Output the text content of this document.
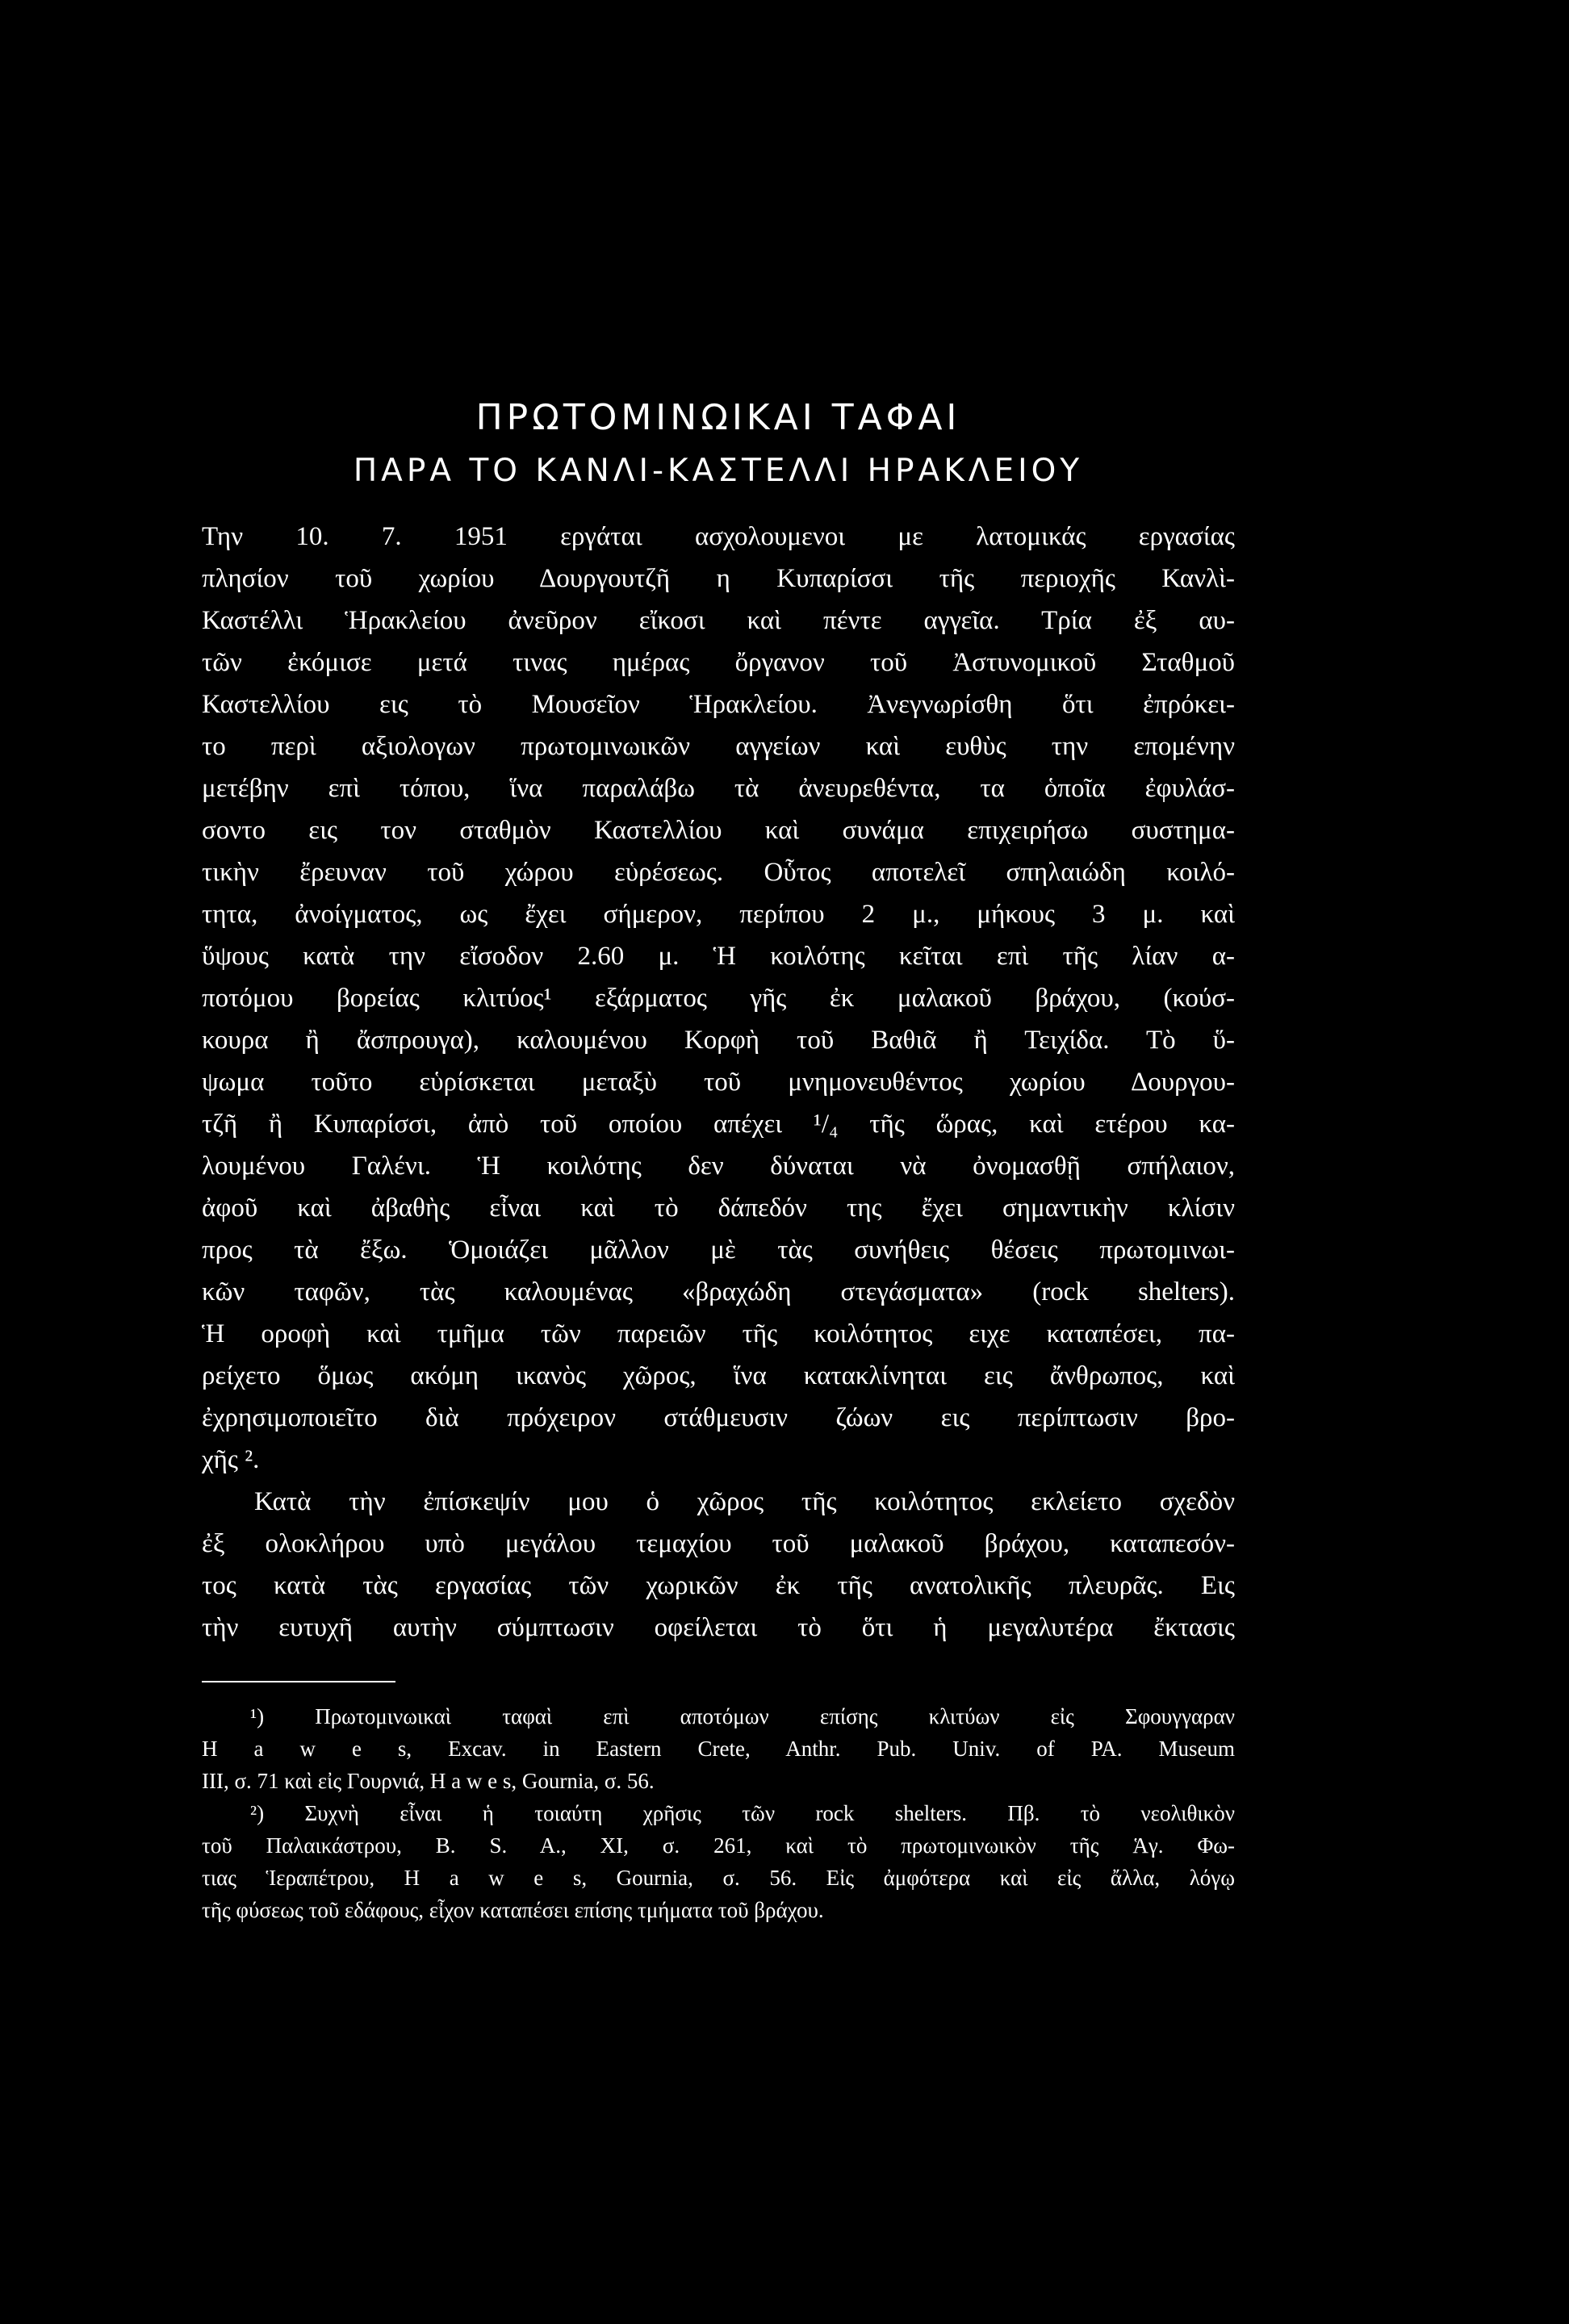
ΠΡΩΤΟΜΙΝΩΙΚΑΙ ΤΑΦΑΙ
ΠΑΡΑ ΤΟ ΚΑΝΛΙ-ΚΑΣΤΕΛΛΙ ΗΡΑΚΛΕΙΟΥ
Την 10. 7. 1951 εργάται ασχολουμενοι με λατομικάς εργασίας
πλησίον τοῦ χωρίου Δουργουτζῆ η Κυπαρίσσι τῆς περιοχῆς Κανλὶ-
Καστέλλι Ἡρακλείου ἀνεῦρον εἴκοσι καὶ πέντε αγγεῖα. Τρία ἐξ αυ-
τῶν ἐκόμισε μετά τινας ημέρας ὄργανον τοῦ Ἀστυνομικοῦ Σταθμοῦ
Καστελλίου εις τὸ Μουσεῖον Ἡρακλείου. Ἀνεγνωρίσθη ὅτι ἐπρόκει-
το περὶ αξιολογων πρωτομινωικῶν αγγείων καὶ ευθὺς την επομένην
μετέβην επὶ τόπου, ἵνα παραλάβω τὰ ἀνευρεθέντα, τα ὁποῖα ἐφυλάσ-
σοντο εις τον σταθμὸν Καστελλίου καὶ συνάμα επιχειρήσω συστημα-
τικὴν ἔρευναν τοῦ χώρου εὑρέσεως. Οὗτος αποτελεῖ σπηλαιώδη κοιλό-
τητα, ἀνοίγματος, ως ἔχει σήμερον, περίπου 2 μ., μήκους 3 μ. καὶ
ὕψους κατὰ την εἴσοδον 2.60 μ. Ἡ κοιλότης κεῖται επὶ τῆς λίαν α-
ποτόμου βορείας κλιτύος¹ εξάρματος γῆς ἐκ μαλακοῦ βράχου, (κούσ-
κουρα ἢ ἄσπρουγα), καλουμένου Κορφὴ τοῦ Βαθιᾶ ἢ Τειχίδα. Τὸ ὕ-
ψωμα τοῦτο εὑρίσκεται μεταξὺ τοῦ μνημονευθέντος χωρίου Δουργου-
τζῆ ἢ Κυπαρίσσι, ἀπὸ τοῦ οποίου απέχει ¹/₄ τῆς ὥρας, καὶ ετέρου κα-
λουμένου Γαλένι. Ἡ κοιλότης δεν δύναται νὰ ὀνομασθῇ σπήλαιον,
ἀφοῦ καὶ ἀβαθὴς εἶναι καὶ τὸ δάπεδόν της ἔχει σημαντικὴν κλίσιν
προς τὰ ἔξω. Ὁμοιάζει μᾶλλον μὲ τὰς συνήθεις θέσεις πρωτομινωι-
κῶν ταφῶν, τὰς καλουμένας «βραχώδη στεγάσματα» (rock shelters).
Ἡ οροφὴ καὶ τμῆμα τῶν παρειῶν τῆς κοιλότητος ειχε καταπέσει, πα-
ρείχετο ὅμως ακόμη ικανὸς χῶρος, ἵνα κατακλίνηται εις ἄνθρωπος, καὶ
ἐχρησιμοποιεῖτο διὰ πρόχειρον στάθμευσιν ζώων εις περίπτωσιν βρο-
χῆς ².
Κατὰ τὴν ἐπίσκεψίν μου ὁ χῶρος τῆς κοιλότητος εκλείετο σχεδὸν
ἐξ ολοκλήρου υπὸ μεγάλου τεμαχίου τοῦ μαλακοῦ βράχου, καταπεσόν-
τος κατὰ τὰς εργασίας τῶν χωρικῶν ἐκ τῆς ανατολικῆς πλευρᾶς. Εις
τὴν ευτυχῆ αυτὴν σύμπτωσιν οφείλεται τὸ ὅτι ἡ μεγαλυτέρα ἔκτασις
¹) Πρωτομινωικαὶ ταφαὶ επὶ αποτόμων επίσης κλιτύων εἰς Σφουγγαραν
H a w e s, Excav. in Eastern Crete, Anthr. Pub. Univ. of PA. Museum
III, σ. 71 καὶ εἰς Γουρνιά, H a w e s, Gournia, σ. 56.
²) Συχνὴ εἶναι ἡ τοιαύτη χρῆσις τῶν rock shelters. Πβ. τὸ νεολιθικὸν
τοῦ Παλαικάστρου, B. S. A., XI, σ. 261, καὶ τὸ πρωτομινωικὸν τῆς Ἁγ. Φω-
τιας Ἱεραπέτρου, H a w e s, Gournia, σ. 56. Εἰς ἀμφότερα καὶ εἰς ἄλλα, λόγῳ
τῆς φύσεως τοῦ εδάφους, εἶχον καταπέσει επίσης τμήματα τοῦ βράχου.
